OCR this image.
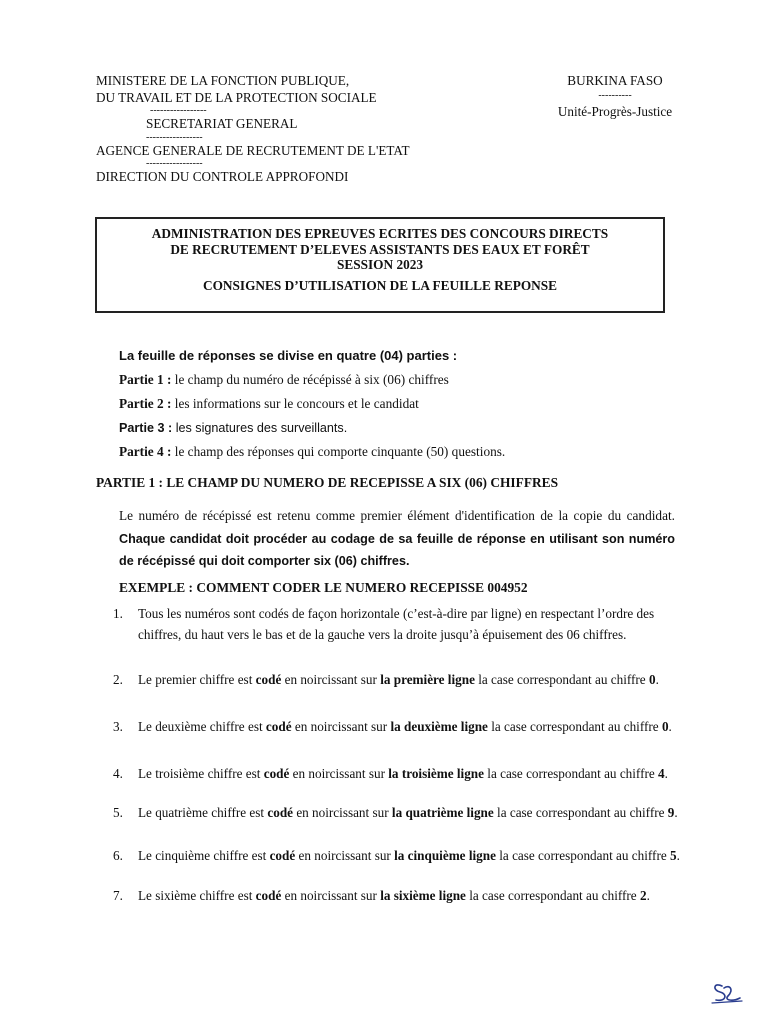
MINISTERE DE LA FONCTION PUBLIQUE,
DU TRAVAIL ET DE LA PROTECTION SOCIALE
-----------------
SECRETARIAT GENERAL
-----------------
AGENCE GENERALE DE RECRUTEMENT DE L'ETAT
-----------------
DIRECTION DU CONTROLE APPROFONDI
BURKINA FASO
----------
Unité-Progrès-Justice
ADMINISTRATION DES EPREUVES ECRITES DES CONCOURS DIRECTS
DE RECRUTEMENT D’ELEVES ASSISTANTS DES EAUX ET FORÊT
SESSION 2023
CONSIGNES D’UTILISATION DE LA FEUILLE REPONSE
La feuille de réponses se divise en quatre (04) parties :
Partie 1 : le champ du numéro de récépissé à six (06) chiffres
Partie 2 : les informations sur le concours et le candidat
Partie 3 : les signatures des surveillants.
Partie 4 : le champ des réponses qui comporte cinquante (50) questions.
PARTIE 1 : LE CHAMP DU NUMERO DE RECEPISSE A SIX (06) CHIFFRES
Le numéro de récépissé est retenu comme premier élément d'identification de la copie du candidat. Chaque candidat doit procéder au codage de sa feuille de réponse en utilisant son numéro de récépissé qui doit comporter six (06) chiffres.
EXEMPLE : COMMENT CODER LE NUMERO RECEPISSE 004952
1.	Tous les numéros sont codés de façon horizontale (c’est-à-dire par ligne) en respectant l’ordre des chiffres, du haut vers le bas et de la gauche vers la droite jusqu’à épuisement des 06 chiffres.
2.	Le premier chiffre est codé en noircissant sur la première ligne la case correspondant au chiffre 0.
3.	Le deuxième chiffre est codé en noircissant sur la deuxième ligne la case correspondant au chiffre 0.
4.	Le troisième chiffre est codé en noircissant sur la troisième ligne la case correspondant au chiffre 4.
5.	Le quatrième chiffre est codé en noircissant sur la quatrième ligne la case correspondant au chiffre 9.
6.	Le cinquième chiffre est codé en noircissant sur la cinquième ligne la case correspondant au chiffre 5.
7.	Le sixième chiffre est codé en noircissant sur la sixième ligne la case correspondant au chiffre 2.
